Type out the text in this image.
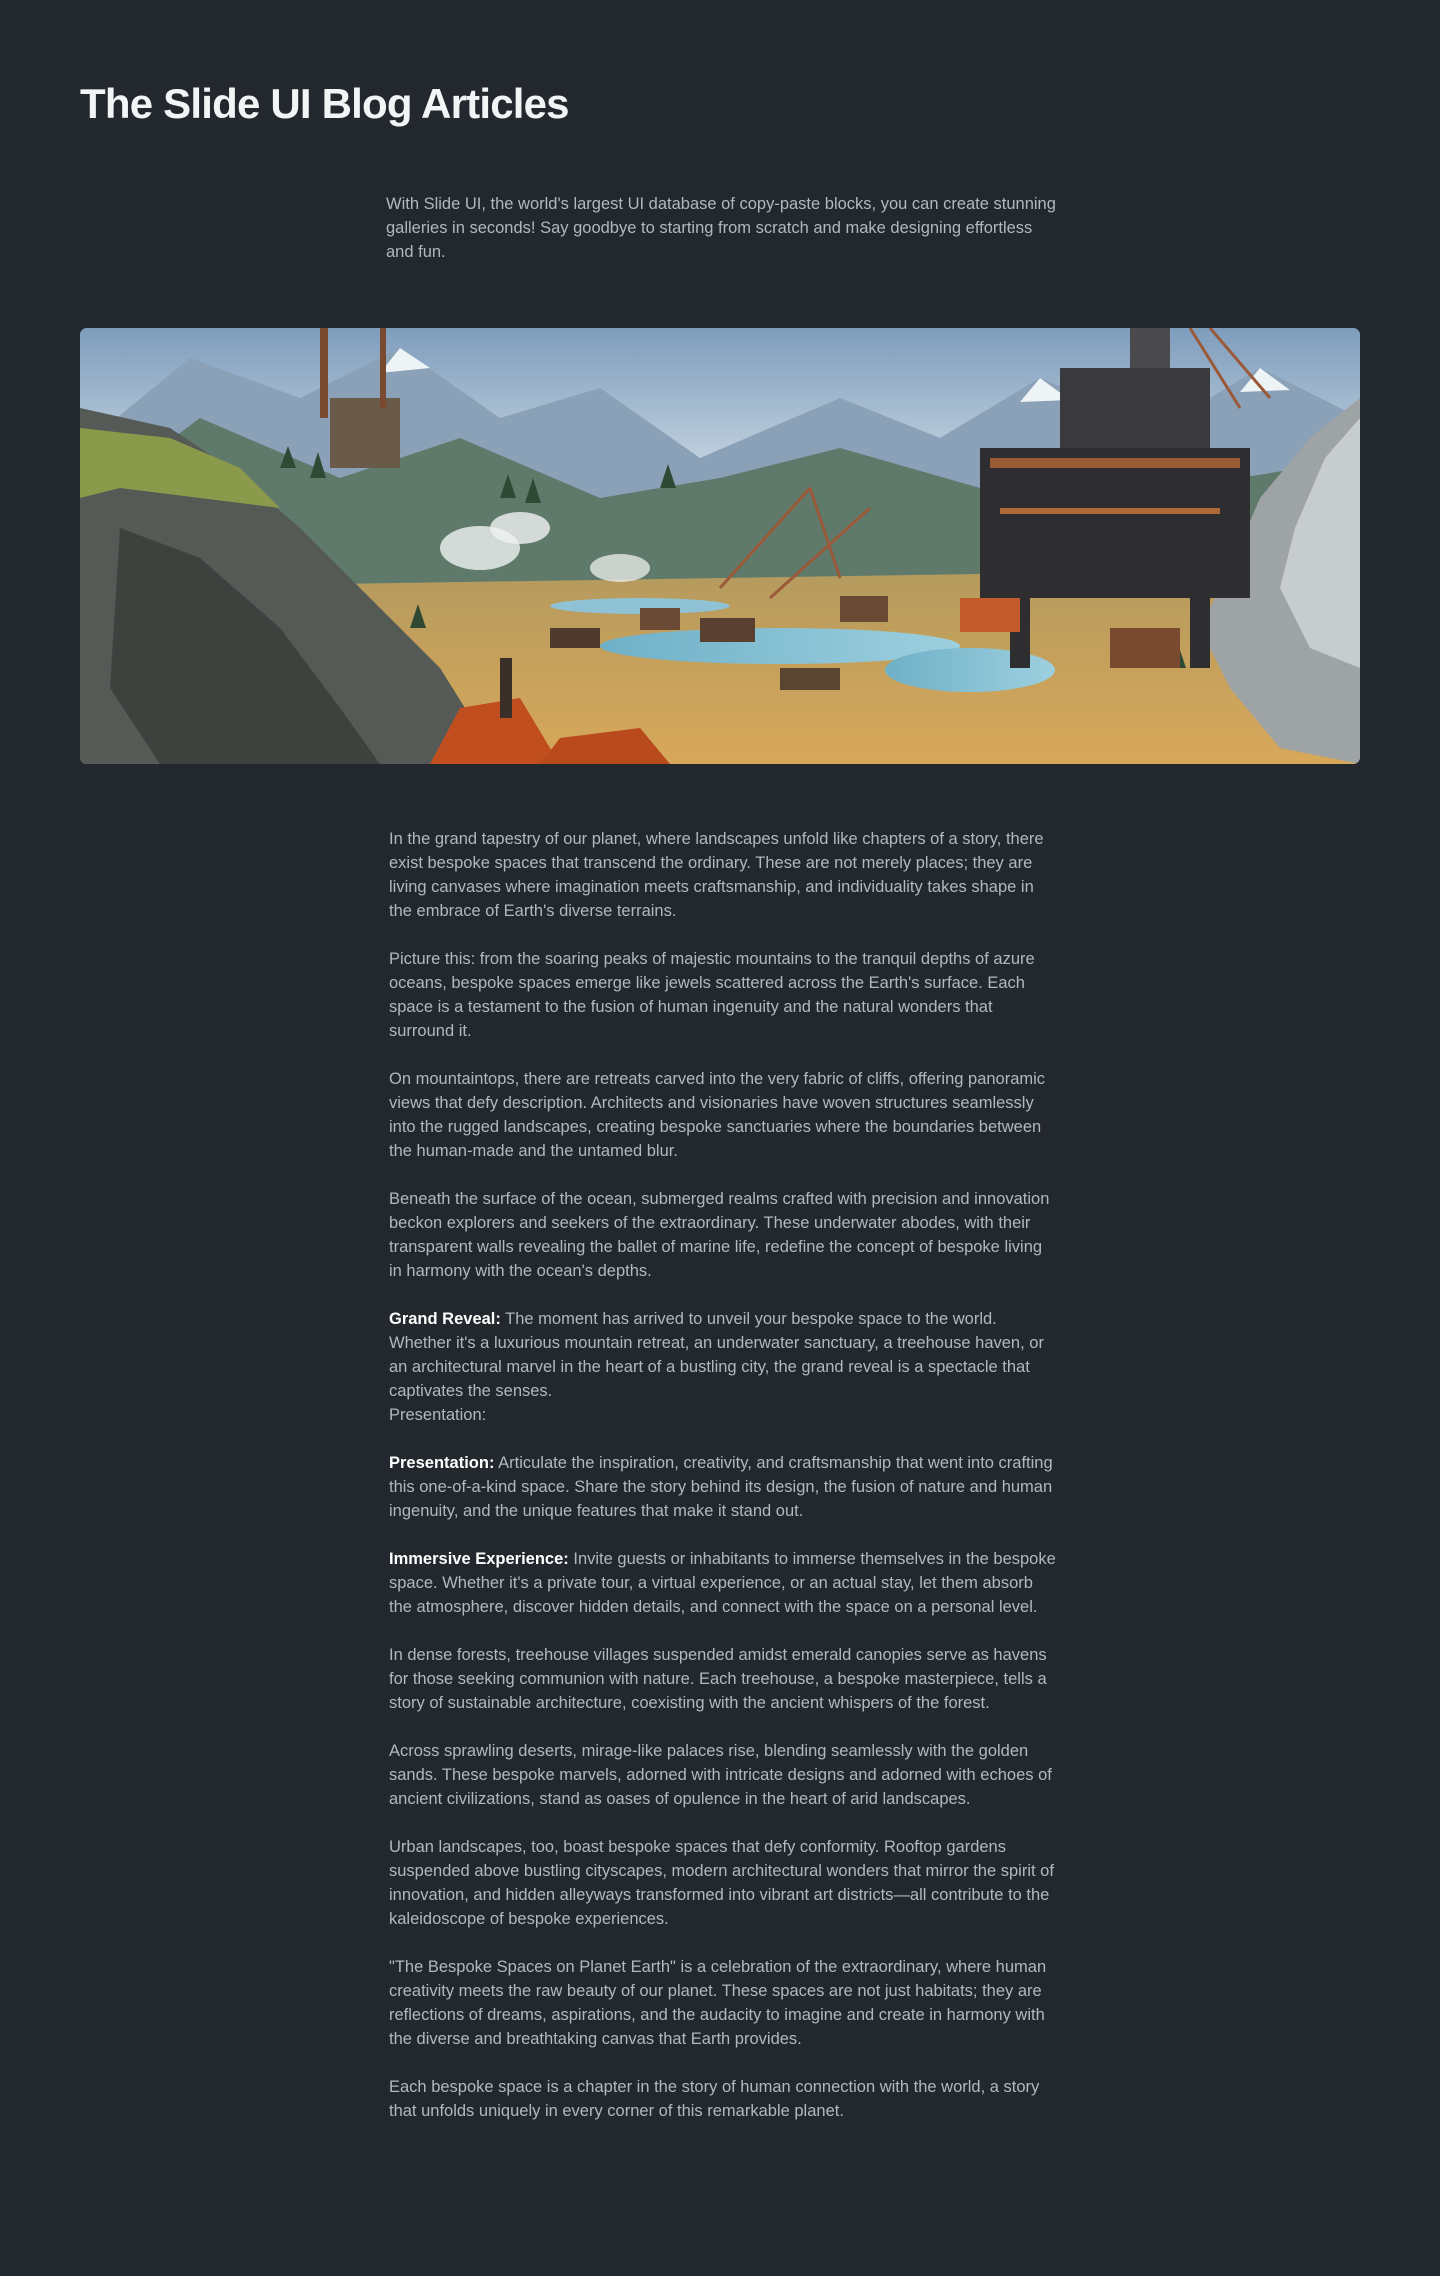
The Slide UI Blog Articles

With Slide UI, the world's largest UI database of copy-paste blocks, you can create stunning galleries in seconds! Say goodbye to starting from scratch and make designing effortless and fun.

In the grand tapestry of our planet, where landscapes unfold like chapters of a story, there exist bespoke spaces that transcend the ordinary. These are not merely places; they are living canvases where imagination meets craftsmanship, and individuality takes shape in the embrace of Earth's diverse terrains.

Picture this: from the soaring peaks of majestic mountains to the tranquil depths of azure oceans, bespoke spaces emerge like jewels scattered across the Earth's surface. Each space is a testament to the fusion of human ingenuity and the natural wonders that surround it.

On mountaintops, there are retreats carved into the very fabric of cliffs, offering panoramic views that defy description. Architects and visionaries have woven structures seamlessly into the rugged landscapes, creating bespoke sanctuaries where the boundaries between the human-made and the untamed blur.

Beneath the surface of the ocean, submerged realms crafted with precision and innovation beckon explorers and seekers of the extraordinary. These underwater abodes, with their transparent walls revealing the ballet of marine life, redefine the concept of bespoke living in harmony with the ocean's depths.

Grand Reveal: The moment has arrived to unveil your bespoke space to the world. Whether it's a luxurious mountain retreat, an underwater sanctuary, a treehouse haven, or an architectural marvel in the heart of a bustling city, the grand reveal is a spectacle that captivates the senses.
Presentation:

Presentation: Articulate the inspiration, creativity, and craftsmanship that went into crafting this one-of-a-kind space. Share the story behind its design, the fusion of nature and human ingenuity, and the unique features that make it stand out.

Immersive Experience: Invite guests or inhabitants to immerse themselves in the bespoke space. Whether it's a private tour, a virtual experience, or an actual stay, let them absorb the atmosphere, discover hidden details, and connect with the space on a personal level.

In dense forests, treehouse villages suspended amidst emerald canopies serve as havens for those seeking communion with nature. Each treehouse, a bespoke masterpiece, tells a story of sustainable architecture, coexisting with the ancient whispers of the forest.

Across sprawling deserts, mirage-like palaces rise, blending seamlessly with the golden sands. These bespoke marvels, adorned with intricate designs and adorned with echoes of ancient civilizations, stand as oases of opulence in the heart of arid landscapes.

Urban landscapes, too, boast bespoke spaces that defy conformity. Rooftop gardens suspended above bustling cityscapes, modern architectural wonders that mirror the spirit of innovation, and hidden alleyways transformed into vibrant art districts—all contribute to the kaleidoscope of bespoke experiences.

"The Bespoke Spaces on Planet Earth" is a celebration of the extraordinary, where human creativity meets the raw beauty of our planet. These spaces are not just habitats; they are reflections of dreams, aspirations, and the audacity to imagine and create in harmony with the diverse and breathtaking canvas that Earth provides.

Each bespoke space is a chapter in the story of human connection with the world, a story that unfolds uniquely in every corner of this remarkable planet.
